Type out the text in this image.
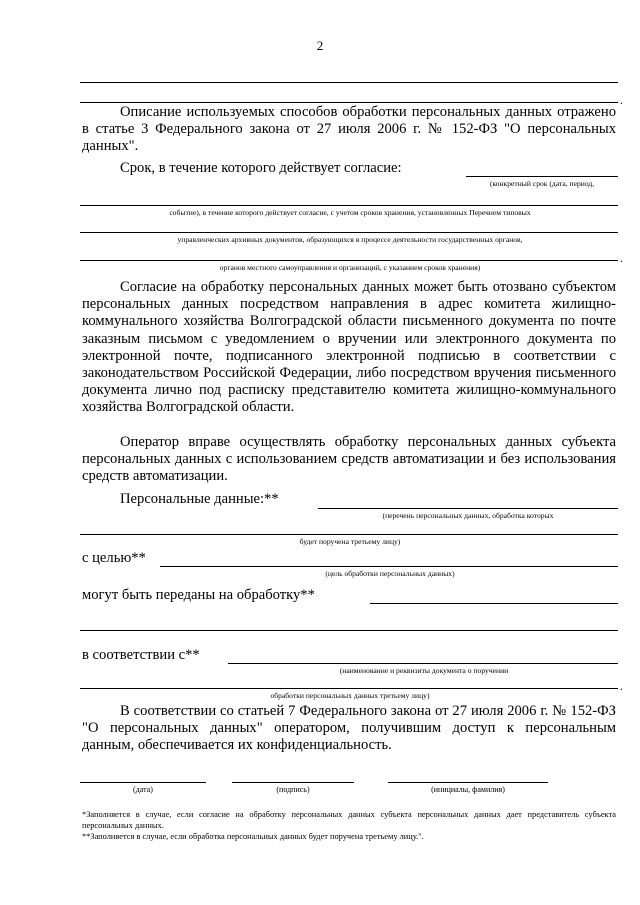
2
.
Описание используемых способов обработки персональных данных отражено в статье 3 Федерального закона от 27 июля 2006 г. № 152-ФЗ "О персональных данных".
Срок, в течение которого действует согласие:
(конкретный срок (дата, период,
событие), в течение которого действует согласие, с учетом сроков хранения, установленных Перечнем типовых
управленческих архивных документов, образующихся в процессе деятельности государственных органов,
.
органов местного самоуправления и организаций, с указанием сроков хранения)
Согласие на обработку персональных данных может быть отозвано субъектом персональных данных посредством направления в адрес комитета жилищно-коммунального хозяйства Волгоградской области письменного документа по почте заказным письмом с уведомлением о вручении или электронного документа по электронной почте, подписанного электронной подписью в соответствии с законодательством Российской Федерации, либо посредством вручения письменного документа лично под расписку представителю комитета жилищно-коммунального хозяйства Волгоградской области.
Оператор вправе осуществлять обработку персональных данных субъекта персональных данных с использованием средств автоматизации и без использования средств автоматизации.
Персональные данные:**
(перечень персональных данных, обработка которых
будет поручена третьему лицу)
с целью**
(цель обработки персональных данных)
могут быть переданы на обработку**
в соответствии с**
(наименование и реквизиты документа о поручении
.
обработки персональных данных третьему лицу)
В соответствии со статьей 7 Федерального закона от 27 июля 2006 г. № 152-ФЗ "О персональных данных" оператором, получившим доступ к персональным данным, обеспечивается их конфиденциальность.
(дата)	(подпись)	(инициалы, фамилия)
*Заполняется в случае, если согласие на обработку персональных данных субъекта персональных данных дает представитель субъекта персональных данных.
**Заполняется в случае, если обработка персональных данных будет поручена третьему лицу.".
